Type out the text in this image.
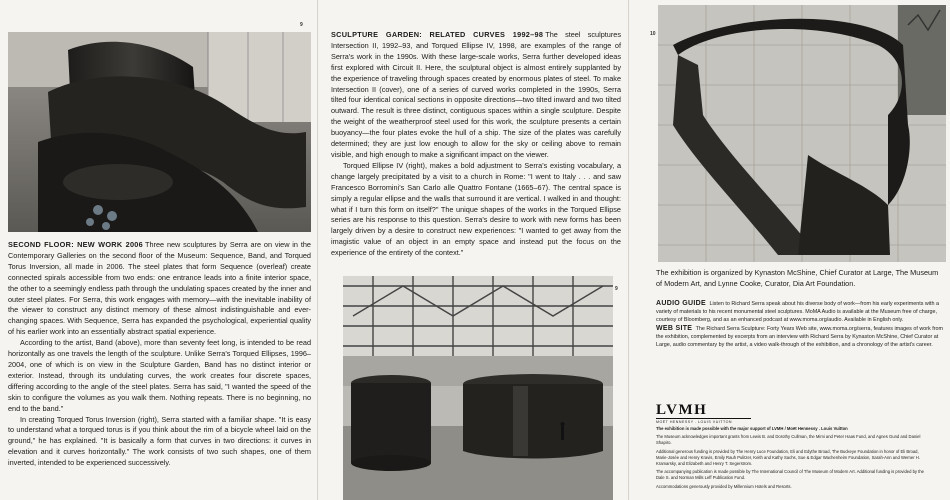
9

SECOND FLOOR: NEW WORK 2006 Three new sculptures by Serra are on view in the Contemporary Galleries on the second floor of the Museum: Sequence, Band, and Torqued Torus Inversion, all made in 2006. The steel plates that form Sequence (overleaf) create connected spirals accessible from two ends: one entrance leads into a finite interior space, the other to a seemingly endless path through the undulating spaces created by the inner and outer steel plates. For Serra, this work engages with memory—with the inevitable inability of the viewer to construct any distinct memory of these almost indistinguishable and ever-changing spaces. With Sequence, Serra has expanded the psychological, experiential quality of his earlier work into an essentially abstract spatial experience.

According to the artist, Band (above), more than seventy feet long, is intended to be read horizontally as one travels the length of the sculpture. Unlike Serra's Torqued Ellipses, 1996–2004, one of which is on view in the Sculpture Garden, Band has no distinct interior or exterior. Instead, through its undulating curves, the work creates four discrete spaces, differing according to the angle of the steel plates. Serra has said, "I wanted the speed of the skin to configure the volumes as you walk them. Nothing repeats. There is no beginning, no end to the band."

In creating Torqued Torus Inversion (right), Serra started with a familiar shape. "It is easy to understand what a torqued torus is if you think about the rim of a bicycle wheel laid on the ground," he has explained. "It is basically a form that curves in two directions: it curves in elevation and it curves horizontally." The work consists of two such shapes, one of them inverted, intended to be experienced successively.

SCULPTURE GARDEN: RELATED CURVES 1992–98 The steel sculptures Intersection II, 1992–93, and Torqued Ellipse IV, 1998, are examples of the range of Serra's work in the 1990s. With these large-scale works, Serra further developed ideas first explored with Circuit II. Here, the sculptural object is almost entirely supplanted by the experience of traveling through spaces created by enormous plates of steel. To make Intersection II (cover), one of a series of curved works completed in the 1990s, Serra tilted four identical conical sections in opposite directions—two tilted inward and two tilted outward. The result is three distinct, contiguous spaces within a single sculpture. Despite the weight of the weatherproof steel used for this work, the sculpture presents a certain buoyancy—the four plates evoke the hull of a ship. The size of the plates was carefully determined; they are just low enough to allow for the sky or ceiling above to remain visible, and high enough to make a significant impact on the viewer.

Torqued Ellipse IV (right), makes a bold adjustment to Serra's existing vocabulary, a change largely precipitated by a visit to a church in Rome: "I went to Italy . . . and saw Francesco Borromini's San Carlo alle Quattro Fontane (1665–67). The central space is simply a regular ellipse and the walls that surround it are vertical. I walked in and thought: what if I turn this form on itself?" The unique shapes of the works in the Torqued Ellipse series are his response to this question. Serra's desire to work with new forms has been largely driven by a desire to construct new experiences: "I wanted to get away from the imagistic value of an object in an empty space and instead put the focus on the experience of the entirety of the context."

9
10
The exhibition is organized by Kynaston McShine, Chief Curator at Large, The Museum of Modern Art, and Lynne Cooke, Curator, Dia Art Foundation.

AUDIO GUIDE Listen to Richard Serra speak about his diverse body of work—from his early experiments with a variety of materials to his recent monumental steel sculptures. MoMA Audio is available at the Museum free of charge, courtesy of Bloomberg, and as an enhanced podcast at www.moma.org/audio. Available in English only.

WEB SITE The Richard Serra Sculpture: Forty Years Web site, www.moma.org/serra, features images of work from the exhibition, complemented by excerpts from an interview with Richard Serra by Kynaston McShine, Chief Curator at Large, audio commentary by the artist, a video walk-through of the exhibition, and a chronology of the artist's career.

LVMH
MOËT HENNESSY . LOUIS VUITTON

The exhibition is made possible with the major support of LVMH / Moët Hennessy . Louis Vuitton

The Museum acknowledges important grants from Lewis B. and Dorothy Cullman, the Mimi and Peter Haas Fund, and Agnes Gund and Daniel Shapiro.

Additional generous funding is provided by The Henry Luce Foundation, Eli and Edythe Broad, The Buckeye Foundation in honor of Eli Broad, Marie-Josée and Henry Kravis, Emily Rauh Pulitzer, Keith and Kathy Sachs, Sue & Edgar Wachenheim Foundation, Sarah-Ann and Werner H. Kramarsky, and Elizabeth and Henry T. Segerstrom.

The accompanying publication is made possible by The International Council of The Museum of Modern Art. Additional funding is provided by the Dale S. and Norman Mills Leff Publication Fund.

Accommodations generously provided by Millennium Hotels and Resorts.
